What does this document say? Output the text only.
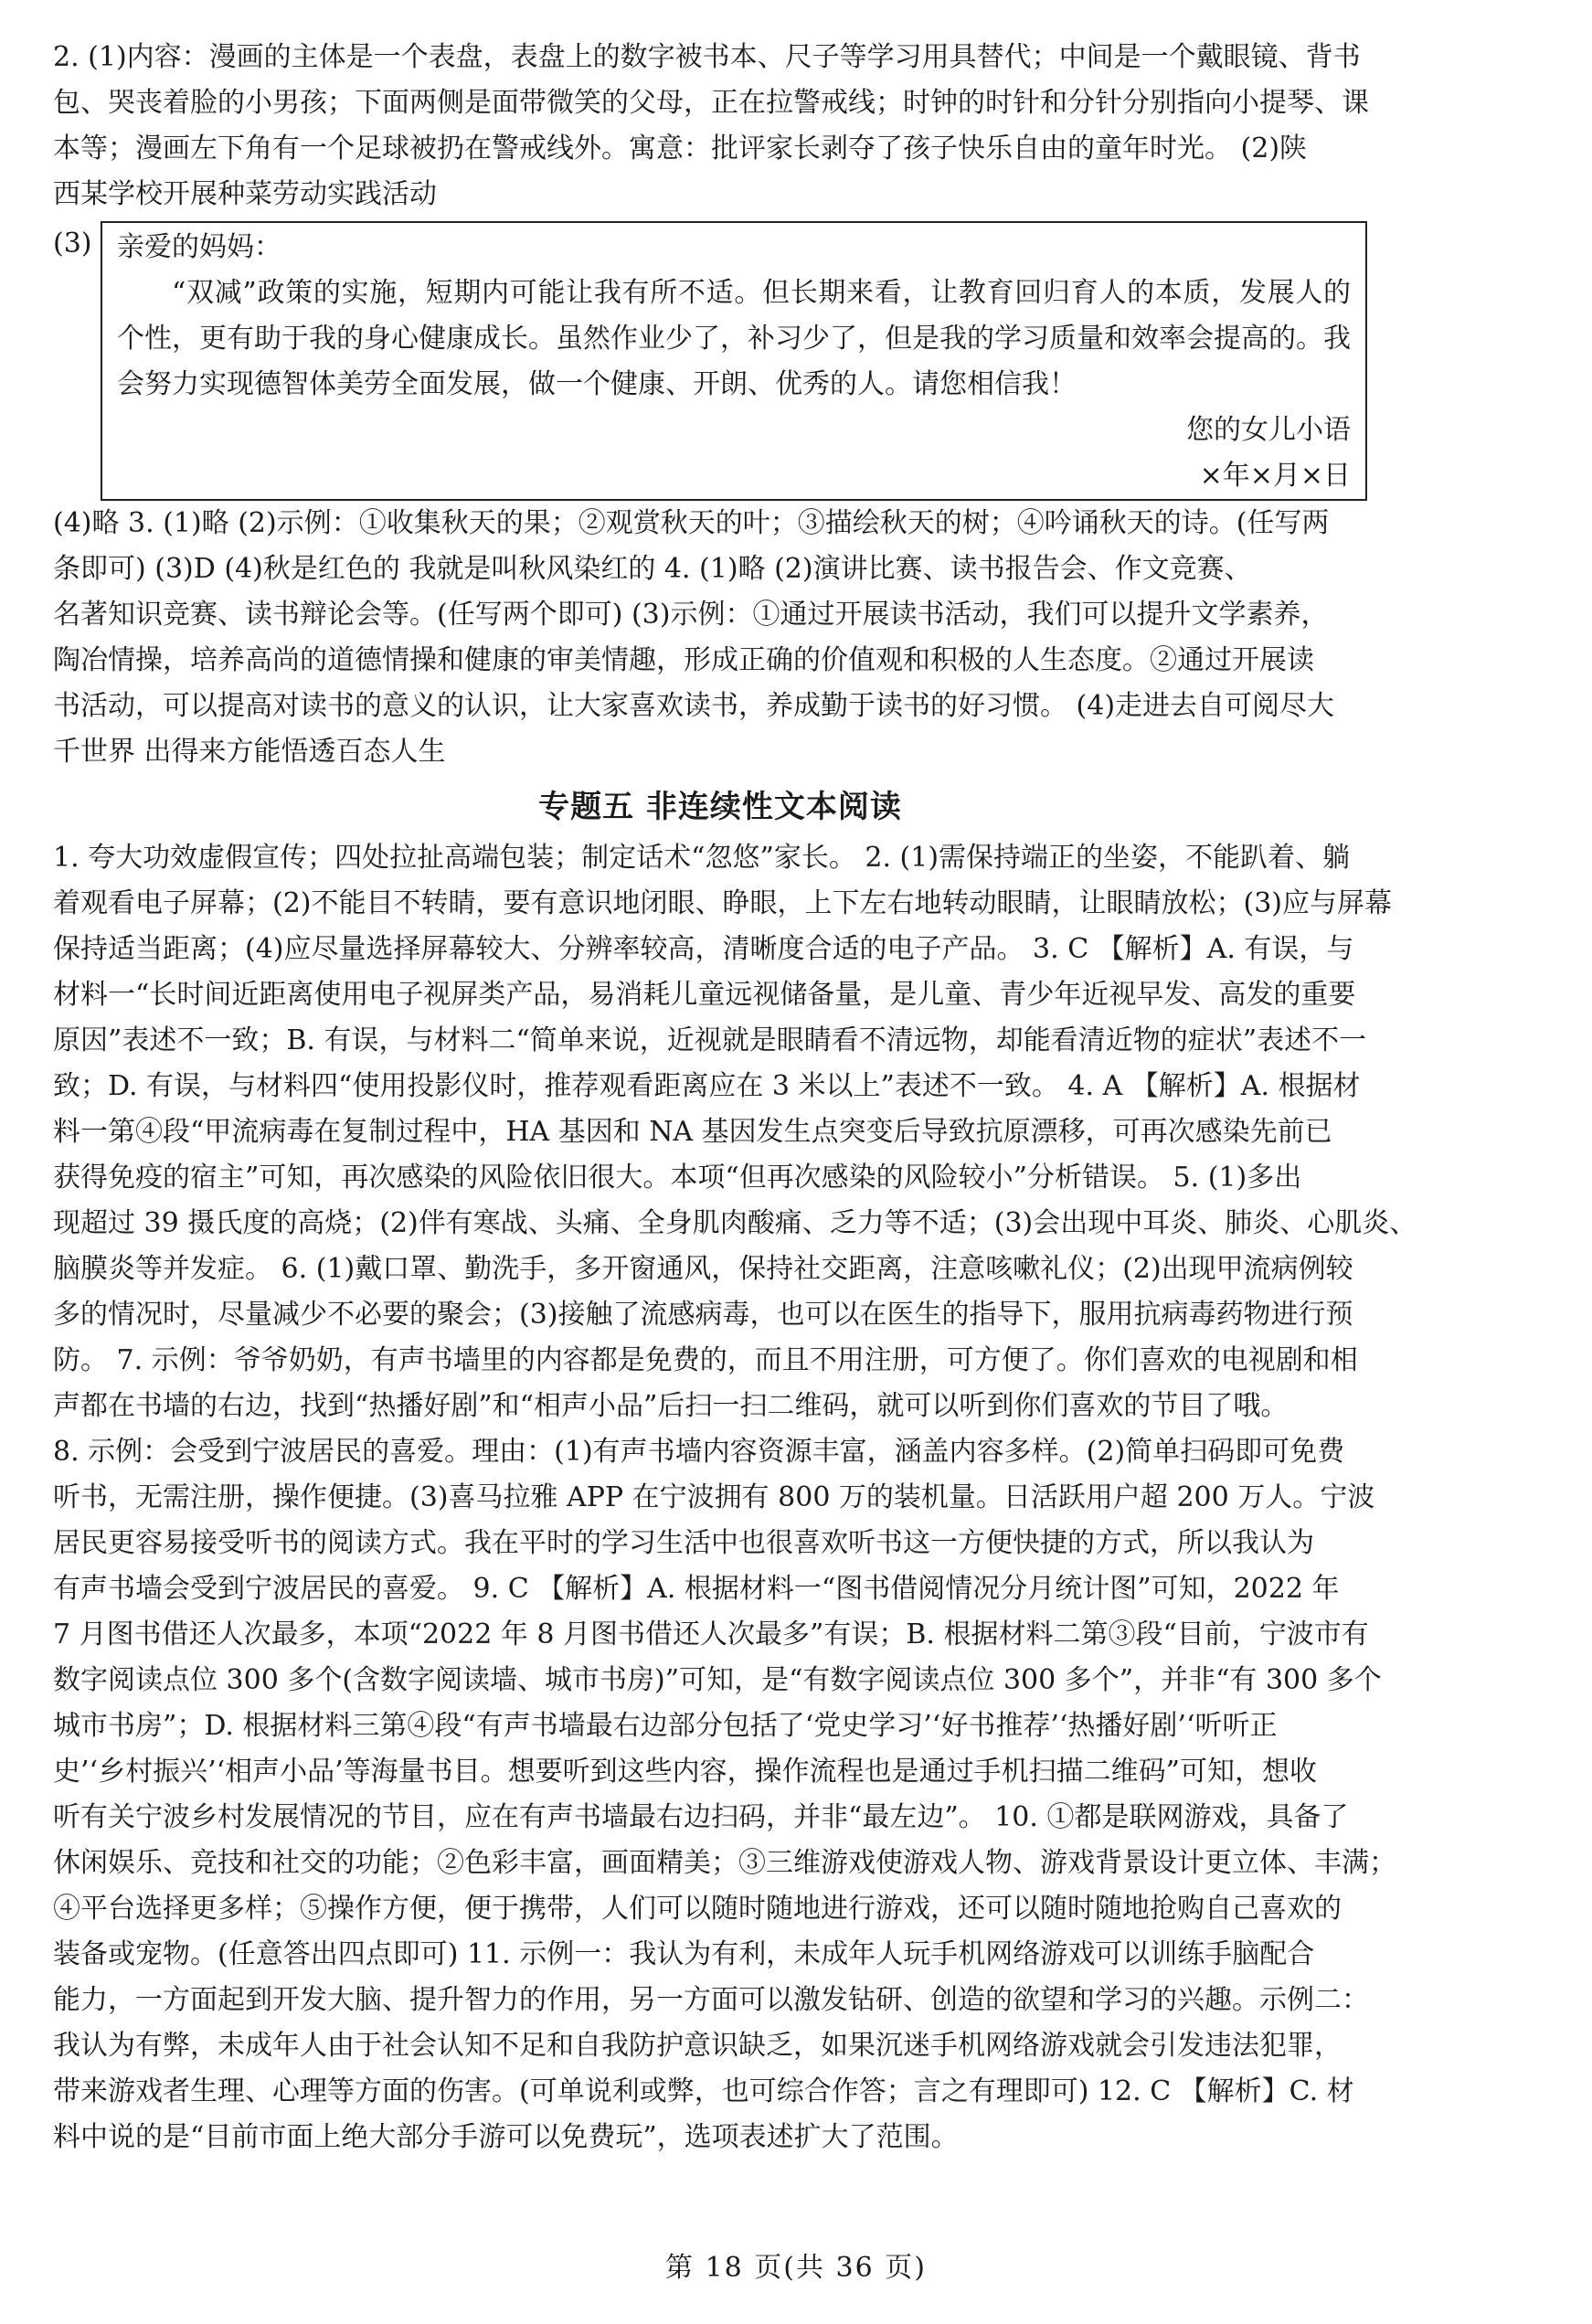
2. (1)内容：漫画的主体是一个表盘，表盘上的数字被书本、尺子等学习用具替代；中间是一个戴眼镜、背书
包、哭丧着脸的小男孩；下面两侧是面带微笑的父母，正在拉警戒线；时钟的时针和分针分别指向小提琴、课
本等；漫画左下角有一个足球被扔在警戒线外。寓意：批评家长剥夺了孩子快乐自由的童年时光。 (2)陕
西某学校开展种菜劳动实践活动
(3) 亲爱的妈妈：

“双减”政策的实施，短期内可能让我有所不适。但长期来看，让教育回归育人的本质，发展人的个性，更有助于我的身心健康成长。虽然作业少了，补习少了，但是我的学习质量和效率会提高的。我会努力实现德智体美劳全面发展，做一个健康、开朗、优秀的人。请您相信我！

您的女儿小语
×年×月×日
(4)略 3. (1)略 (2)示例：①收集秋天的果；②观赏秋天的叶；③描绘秋天的树；④吟诵秋天的诗。(任写两
条即可) (3)D (4)秋是红色的 我就是叫秋风染红的 4. (1)略 (2)演讲比赛、读书报告会、作文竞赛、
名著知识竞赛、读书辩论会等。(任写两个即可) (3)示例：①通过开展读书活动，我们可以提升文学素养，
陶冶情操，培养高尚的道德情操和健康的审美情趣，形成正确的价值观和积极的人生态度。②通过开展读
书活动，可以提高对读书的意义的认识，让大家喜欢读书，养成勤于读书的好习惯。 (4)走进去自可阅尽大
千世界 出得来方能悟透百态人生
专题五 非连续性文本阅读
1. 夸大功效虚假宣传；四处拉扯高端包装；制定话术“忽悠”家长。 2. (1)需保持端正的坐姿，不能趴着、躺
着观看电子屏幕；(2)不能目不转睛，要有意识地闭眼、睁眼，上下左右地转动眼睛，让眼睛放松；(3)应与屏幕
保持适当距离；(4)应尽量选择屏幕较大、分辨率较高，清晰度合适的电子产品。 3. C 【解析】A. 有误，与
材料一“长时间近距离使用电子视屏类产品，易消耗儿童远视储备量，是儿童、青少年近视早发、高发的重要
原因”表述不一致；B. 有误，与材料二“简单来说，近视就是眼睛看不清远物，却能看清近物的症状”表述不一
致；D. 有误，与材料四“使用投影仪时，推荐观看距离应在 3 米以上”表述不一致。 4. A 【解析】A. 根据材
料一第④段“甲流病毒在复制过程中，HA 基因和 NA 基因发生点突变后导致抗原漂移，可再次感染先前已
获得免疫的宿主”可知，再次感染的风险依旧很大。本项“但再次感染的风险较小”分析错误。 5. (1)多出
现超过 39 摄氏度的高烧；(2)伴有寒战、头痛、全身肌肉酸痛、乏力等不适；(3)会出现中耳炎、肺炎、心肌炎、
脑膜炎等并发症。 6. (1)戴口罩、勤洗手，多开窗通风，保持社交距离，注意咳嗽礼仪；(2)出现甲流病例较
多的情况时，尽量减少不必要的聚会；(3)接触了流感病毒，也可以在医生的指导下，服用抗病毒药物进行预
防。 7. 示例：爷爷奶奶，有声书墙里的内容都是免费的，而且不用注册，可方便了。你们喜欢的电视剧和相
声都在书墙的右边，找到“热播好剧”和“相声小品”后扫一扫二维码，就可以听到你们喜欢的节目了哦。
8. 示例：会受到宁波居民的喜爱。理由：(1)有声书墙内容资源丰富，涵盖内容多样。(2)简单扫码即可免费
听书，无需注册，操作便捷。(3)喜马拉雅 APP 在宁波拥有 800 万的装机量。日活跃用户超 200 万人。宁波
居民更容易接受听书的阅读方式。我在平时的学习生活中也很喜欢听书这一方便快捷的方式，所以我认为
有声书墙会受到宁波居民的喜爱。 9. C 【解析】A. 根据材料一“图书借阅情况分月统计图”可知，2022 年
7 月图书借还人次最多，本项“2022 年 8 月图书借还人次最多”有误；B. 根据材料二第③段“目前，宁波市有
数字阅读点位 300 多个(含数字阅读墙、城市书房)”可知，是“有数字阅读点位 300 多个”，并非“有 300 多个
城市书房”；D. 根据材料三第④段“有声书墙最右边部分包括了‘党史学习’‘好书推荐’‘热播好剧’‘听听正
史’‘乡村振兴’‘相声小品’等海量书目。想要听到这些内容，操作流程也是通过手机扫描二维码”可知，想收
听有关宁波乡村发展情况的节目，应在有声书墙最右边扫码，并非“最左边”。 10. ①都是联网游戏，具备了
休闲娱乐、竞技和社交的功能；②色彩丰富，画面精美；③三维游戏使游戏人物、游戏背景设计更立体、丰满；
④平台选择更多样；⑤操作方便，便于携带，人们可以随时随地进行游戏，还可以随时随地抢购自己喜欢的
装备或宠物。(任意答出四点即可) 11. 示例一：我认为有利，未成年人玩手机网络游戏可以训练手脑配合
能力，一方面起到开发大脑、提升智力的作用，另一方面可以激发钻研、创造的欲望和学习的兴趣。示例二：
我认为有弊，未成年人由于社会认知不足和自我防护意识缺乏，如果沉迷手机网络游戏就会引发违法犯罪，
带来游戏者生理、心理等方面的伤害。(可单说利或弊，也可综合作答；言之有理即可) 12. C 【解析】C. 材
料中说的是“目前市面上绝大部分手游可以免费玩”，选项表述扩大了范围。
第 18 页(共 36 页)
